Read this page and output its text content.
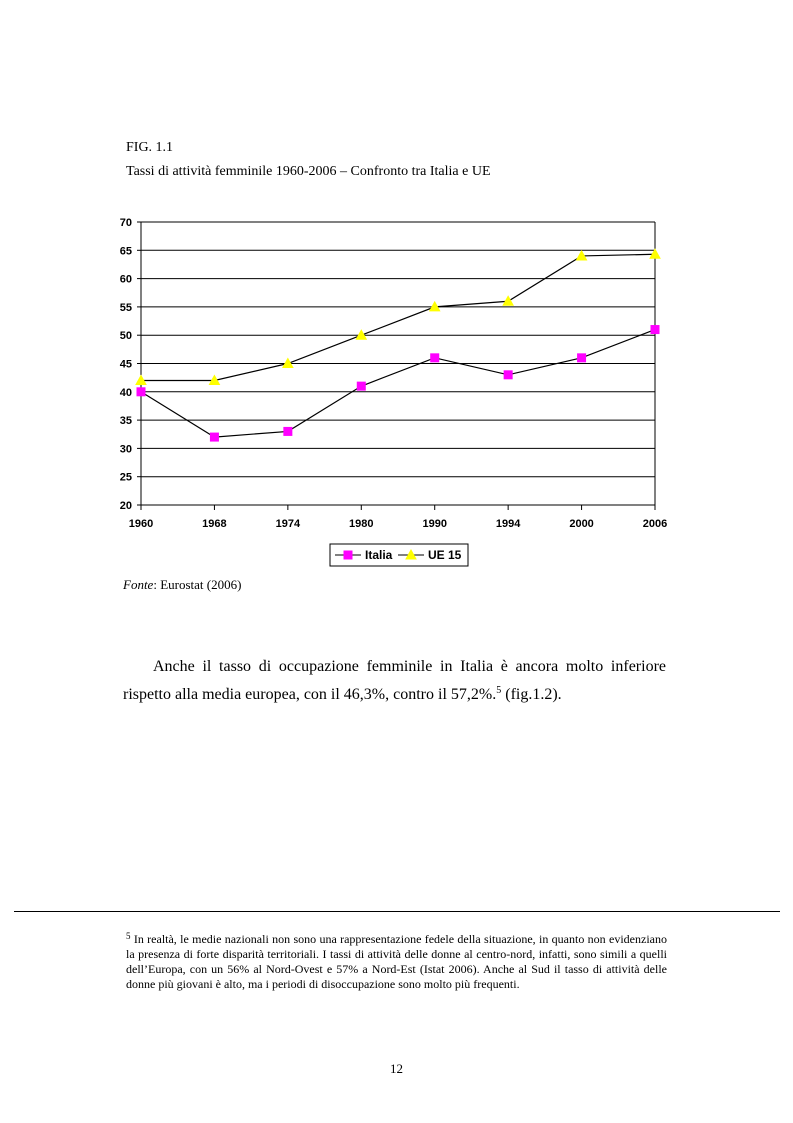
FIG. 1.1
Tassi di attività femminile 1960-2006 – Confronto tra Italia e UE
20
25
30
35
40
45
50
55
60
65
70
1960	1968	1974	1980	1990	1994	2000	2006
Italia	UE 15
Fonte: Eurostat (2006)
Anche il tasso di occupazione femminile in Italia è ancora molto inferiore rispetto alla media europea, con il 46,3%, contro il 57,2%.$^5$ (fig.1.2).
$^5$ In realtà, le medie nazionali non sono una rappresentazione fedele della situazione, in quanto non evidenziano la presenza di forte disparità territoriali. I tassi di attività delle donne al centro-nord, infatti, sono simili a quelli dell’Europa, con un 56% al Nord-Ovest e 57% a Nord-Est (Istat 2006). Anche al Sud il tasso di attività delle donne più giovani è alto, ma i periodi di disoccupazione sono molto più frequenti.
12
